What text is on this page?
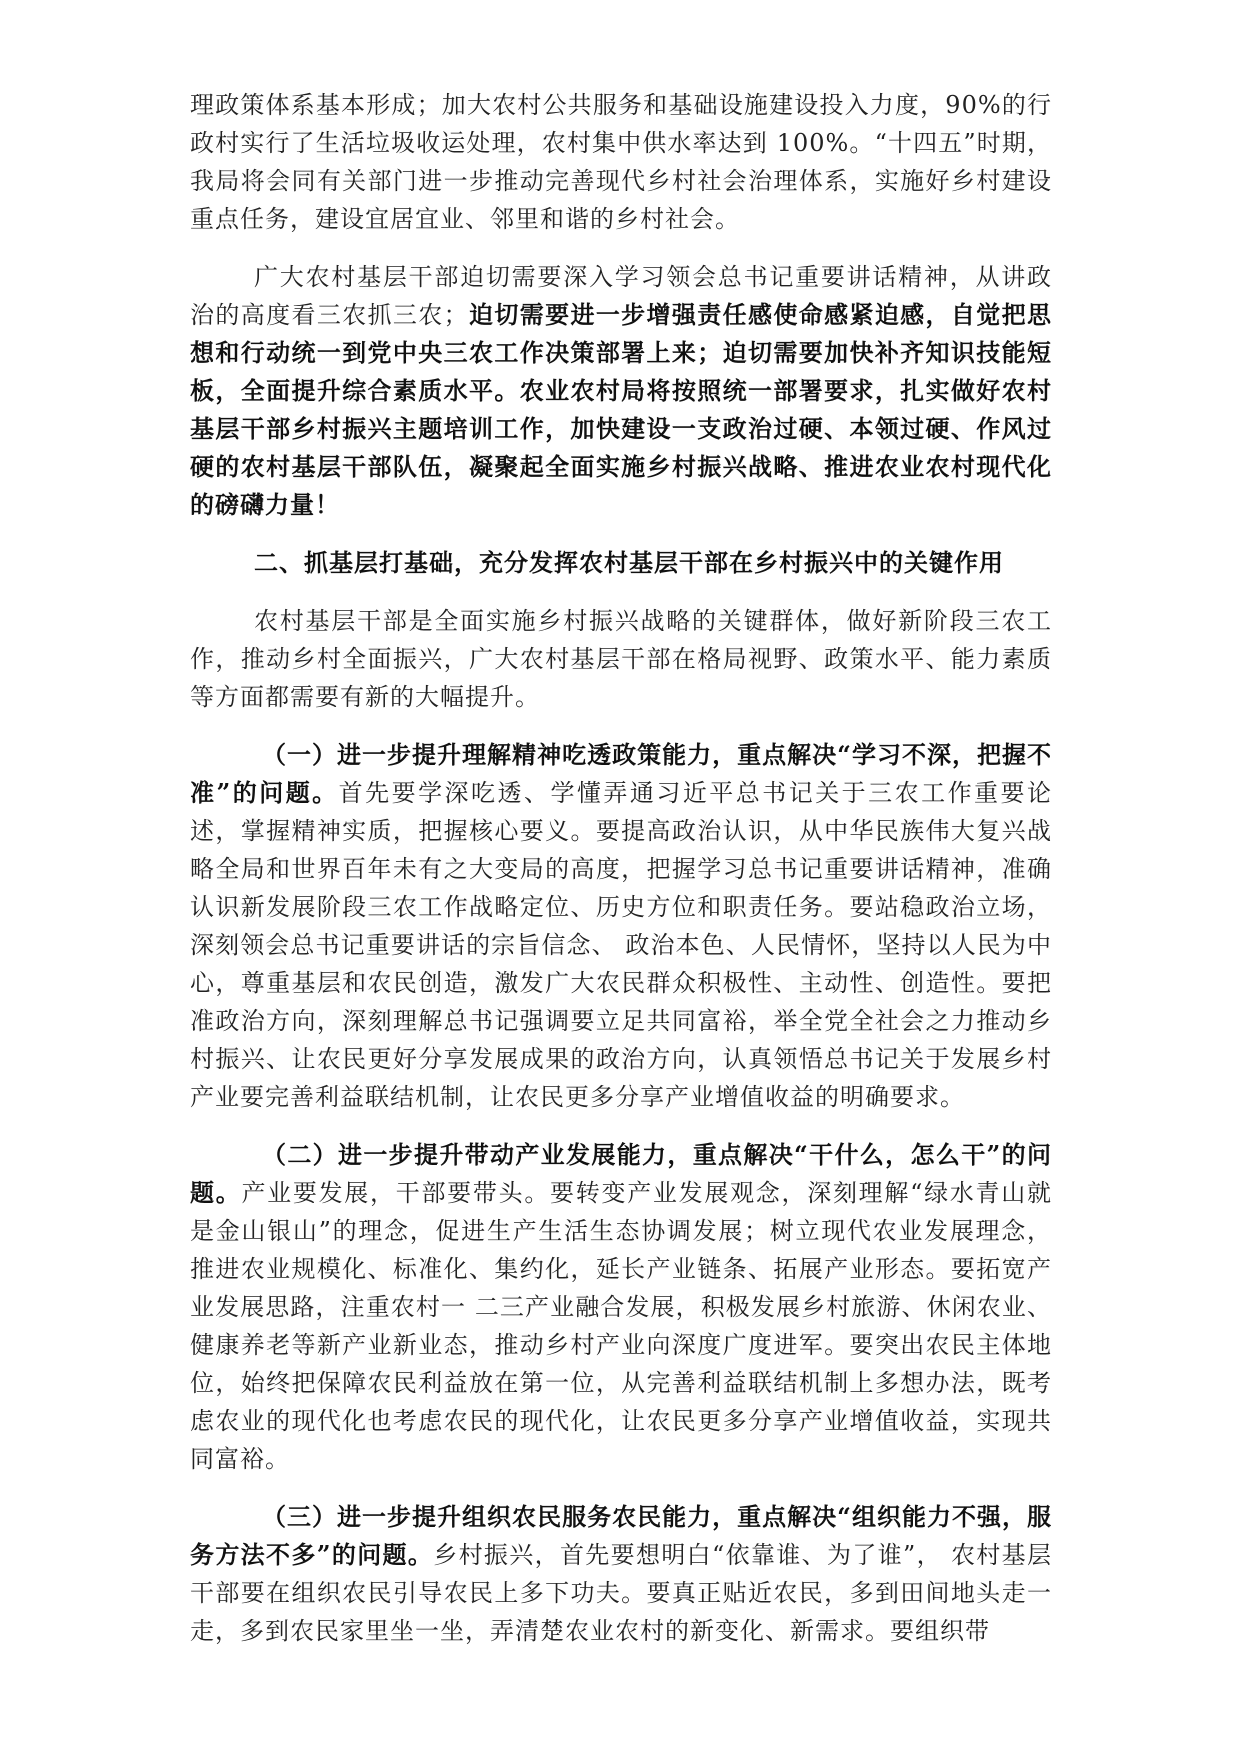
理政策体系基本形成；加大农村公共服务和基础设施建设投入力度，90%的行政村实行了生活垃圾收运处理，农村集中供水率达到 100%。“十四五”时期，我局将会同有关部门进一步推动完善现代乡村社会治理体系，实施好乡村建设重点任务，建设宜居宜业、邻里和谐的乡村社会。

广大农村基层干部迫切需要深入学习领会总书记重要讲话精神，从讲政治的高度看三农抓三农；迫切需要进一步增强责任感使命感紧迫感，自觉把思想和行动统一到党中央三农工作决策部署上来；迫切需要加快补齐知识技能短板，全面提升综合素质水平。农业农村局将按照统一部署要求，扎实做好农村基层干部乡村振兴主题培训工作，加快建设一支政治过硬、本领过硬、作风过硬的农村基层干部队伍，凝聚起全面实施乡村振兴战略、推进农业农村现代化的磅礴力量！

二、抓基层打基础，充分发挥农村基层干部在乡村振兴中的关键作用

农村基层干部是全面实施乡村振兴战略的关键群体，做好新阶段三农工作，推动乡村全面振兴，广大农村基层干部在格局视野、政策水平、能力素质等方面都需要有新的大幅提升。

（一）进一步提升理解精神吃透政策能力，重点解决“学习不深，把握不准”的问题。首先要学深吃透、学懂弄通习近平总书记关于三农工作重要论述，掌握精神实质，把握核心要义。要提高政治认识，从中华民族伟大复兴战略全局和世界百年未有之大变局的高度，把握学习总书记重要讲话精神，准确认识新发展阶段三农工作战略定位、历史方位和职责任务。要站稳政治立场，深刻领会总书记重要讲话的宗旨信念、 政治本色、人民情怀，坚持以人民为中心，尊重基层和农民创造，激发广大农民群众积极性、主动性、创造性。要把准政治方向，深刻理解总书记强调要立足共同富裕，举全党全社会之力推动乡村振兴、让农民更好分享发展成果的政治方向，认真领悟总书记关于发展乡村产业要完善利益联结机制，让农民更多分享产业增值收益的明确要求。

（二）进一步提升带动产业发展能力，重点解决“干什么，怎么干”的问题。产业要发展，干部要带头。要转变产业发展观念，深刻理解“绿水青山就是金山银山”的理念，促进生产生活生态协调发展；树立现代农业发展理念，推进农业规模化、标准化、集约化，延长产业链条、拓展产业形态。要拓宽产业发展思路，注重农村一 二三产业融合发展，积极发展乡村旅游、休闲农业、健康养老等新产业新业态，推动乡村产业向深度广度进军。要突出农民主体地位，始终把保障农民利益放在第一位，从完善利益联结机制上多想办法，既考虑农业的现代化也考虑农民的现代化，让农民更多分享产业增值收益，实现共同富裕。

（三）进一步提升组织农民服务农民能力，重点解决“组织能力不强，服务方法不多”的问题。乡村振兴，首先要想明白“依靠谁、为了谁”， 农村基层干部要在组织农民引导农民上多下功夫。要真正贴近农民，多到田间地头走一走，多到农民家里坐一坐，弄清楚农业农村的新变化、新需求。要组织带
